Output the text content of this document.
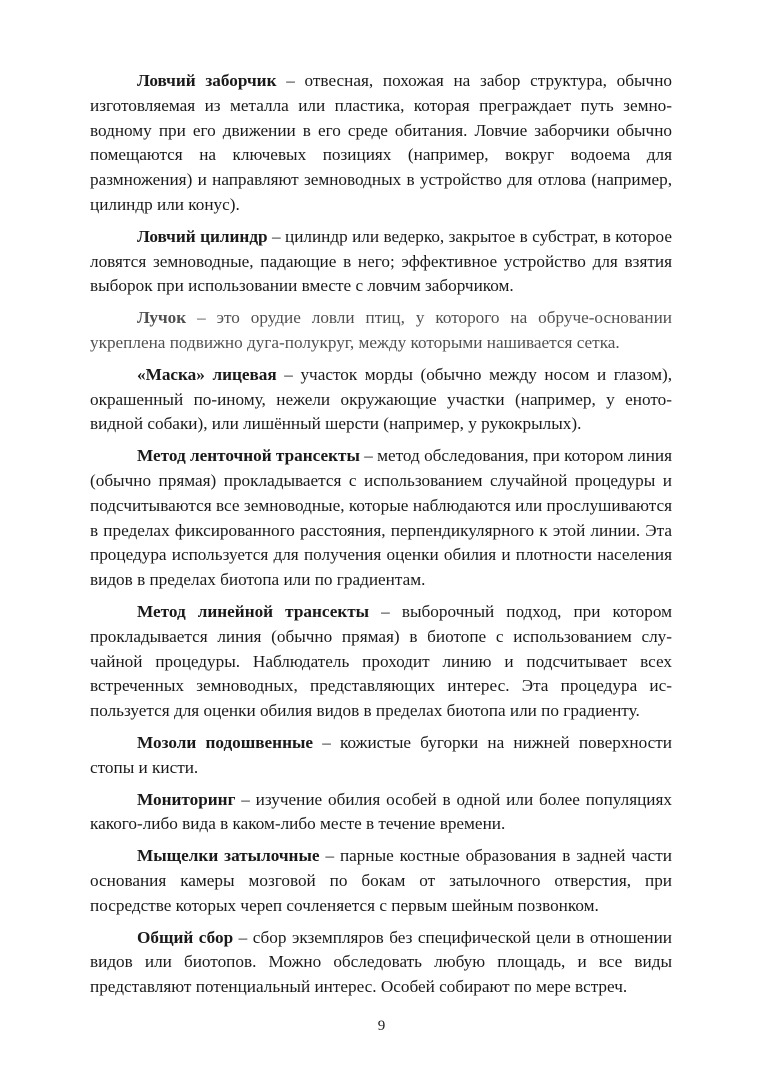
Ловчий заборчик – отвесная, похожая на забор структура, обычно изготовляемая из металла или пластика, которая преграждает путь земноводному при его движении в его среде обитания. Ловчие заборчики обычно помещаются на ключевых позициях (например, вокруг водоема для размножения) и направляют земноводных в устройство для отлова (например, цилиндр или конус).

Ловчий цилиндр – цилиндр или ведерко, закрытое в субстрат, в которое ловятся земноводные, падающие в него; эффективное устройство для взятия выборок при использовании вместе с ловчим заборчиком.

Лучок – это орудие ловли птиц, у которого на обруче-основании укреплена подвижно дуга-полукруг, между которыми нашивается сетка.

«Маска» лицевая – участок морды (обычно между носом и глазом), окрашенный по-иному, нежели окружающие участки (например, у енотовидной собаки), или лишённый шерсти (например, у рукокрылых).

Метод ленточной трансекты – метод обследования, при котором линия (обычно прямая) прокладывается с использованием случайной процедуры и подсчитываются все земноводные, которые наблюдаются или прослушиваются в пределах фиксированного расстояния, перпендикулярного к этой линии. Эта процедура используется для получения оценки обилия и плотности населения видов в пределах биотопа или по градиентам.

Метод линейной трансекты – выборочный подход, при котором прокладывается линия (обычно прямая) в биотопе с использованием случайной процедуры. Наблюдатель проходит линию и подсчитывает всех встреченных земноводных, представляющих интерес. Эта процедура используется для оценки обилия видов в пределах биотопа или по градиенту.

Мозоли подошвенные – кожистые бугорки на нижней поверхности стопы и кисти.

Мониторинг – изучение обилия особей в одной или более популяциях какого-либо вида в каком-либо месте в течение времени.

Мыщелки затылочные – парные костные образования в задней части основания камеры мозговой по бокам от затылочного отверстия, при посредстве которых череп сочленяется с первым шейным позвонком.

Общий сбор – сбор экземпляров без специфической цели в отношении видов или биотопов. Можно обследовать любую площадь, и все виды представляют потенциальный интерес. Особей собирают по мере встреч.

9
